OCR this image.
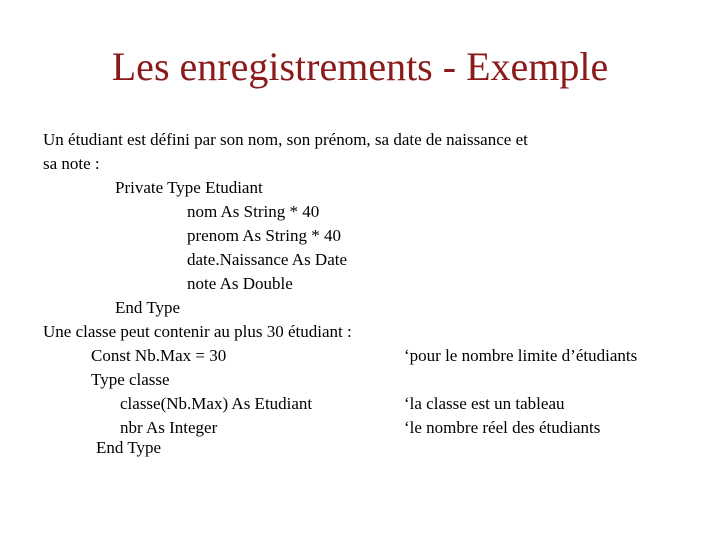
Les enregistrements - Exemple
Un étudiant est défini par son nom, son prénom, sa date de naissance et
sa note :
Private Type Etudiant
nom As String * 40
prenom As String * 40
date.Naissance As Date
note As Double
End Type
Une classe peut contenir au plus 30 étudiant :
Const Nb.Max = 30	‘pour le nombre limite d’étudiants
Type classe
classe(Nb.Max) As Etudiant	‘la classe est un tableau
nbr As Integer	‘le nombre réel des étudiants
End Type
